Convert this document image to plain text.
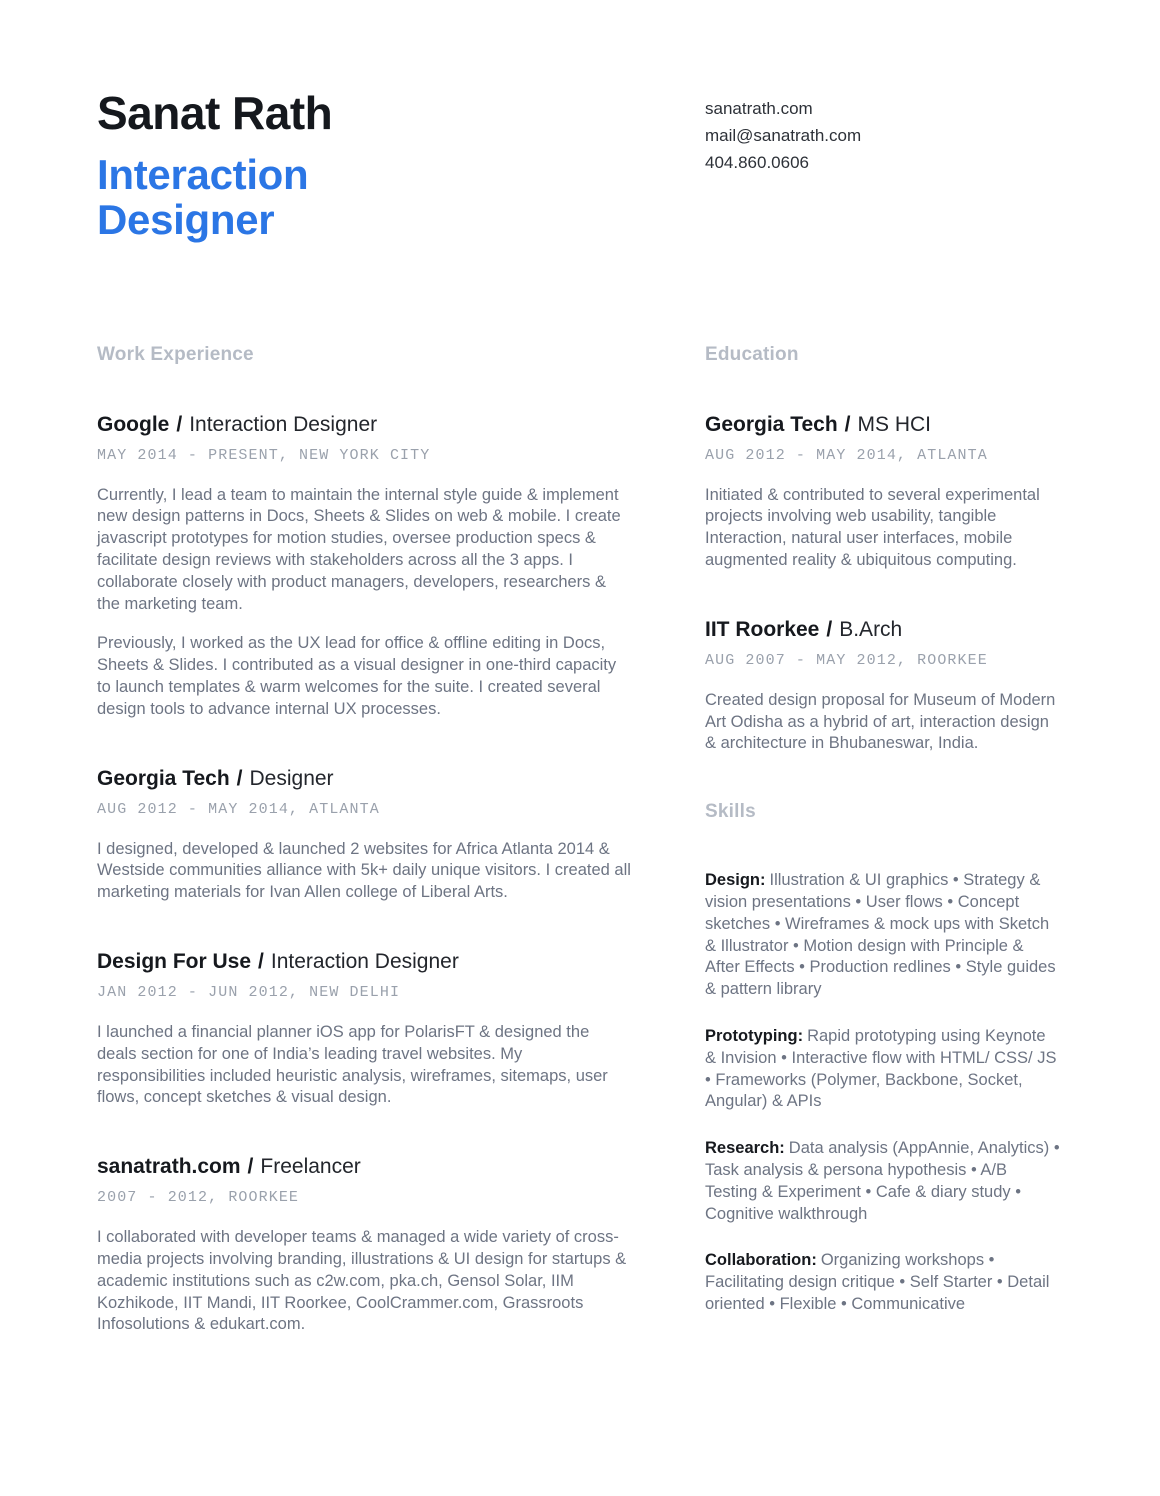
Sanat Rath
Interaction
Designer
sanatrath.com
mail@sanatrath.com
404.860.0606
Work Experience
Google / Interaction Designer
MAY 2014 - PRESENT, NEW YORK CITY

Currently, I lead a team to maintain the internal style guide & implement new design patterns in Docs, Sheets & Slides on web & mobile. I create javascript prototypes for motion studies, oversee production specs & facilitate design reviews with stakeholders across all the 3 apps. I collaborate closely with product managers, developers, researchers & the marketing team.

Previously, I worked as the UX lead for office & offline editing in Docs, Sheets & Slides. I contributed as a visual designer in one-third capacity to launch templates & warm welcomes for the suite. I created several design tools to advance internal UX processes.

Georgia Tech / Designer
AUG 2012 - MAY 2014, ATLANTA

I designed, developed & launched 2 websites for Africa Atlanta 2014 & Westside communities alliance with 5k+ daily unique visitors. I created all marketing materials for Ivan Allen college of Liberal Arts.

Design For Use / Interaction Designer
JAN 2012 - JUN 2012, NEW DELHI

I launched a financial planner iOS app for PolarisFT & designed the deals section for one of India’s leading travel websites. My responsibilities included heuristic analysis, wireframes, sitemaps, user flows, concept sketches & visual design.

sanatrath.com / Freelancer
2007 - 2012, ROORKEE

I collaborated with developer teams & managed a wide variety of cross-media projects involving branding, illustrations & UI design for startups & academic institutions such as c2w.com, pka.ch, Gensol Solar, IIM Kozhikode, IIT Mandi, IIT Roorkee, CoolCrammer.com, Grassroots Infosolutions & edukart.com.

Education
Georgia Tech / MS HCI
AUG 2012 - MAY 2014, ATLANTA

Initiated & contributed to several experimental projects involving web usability, tangible Interaction, natural user interfaces, mobile augmented reality & ubiquitous computing.

IIT Roorkee / B.Arch
AUG 2007 - MAY 2012, ROORKEE

Created design proposal for Museum of Modern Art Odisha as a hybrid of art, interaction design & architecture in Bhubaneswar, India.

Skills

Design: Illustration & UI graphics • Strategy & vision presentations • User flows • Concept sketches • Wireframes & mock ups with Sketch & Illustrator • Motion design with Principle & After Effects • Production redlines • Style guides & pattern library

Prototyping: Rapid prototyping using Keynote & Invision • Interactive flow with HTML/ CSS/ JS • Frameworks (Polymer, Backbone, Socket, Angular) & APIs

Research: Data analysis (AppAnnie, Analytics) • Task analysis & persona hypothesis • A/B Testing & Experiment • Cafe & diary study • Cognitive walkthrough

Collaboration: Organizing workshops • Facilitating design critique • Self Starter • Detail oriented • Flexible • Communicative
